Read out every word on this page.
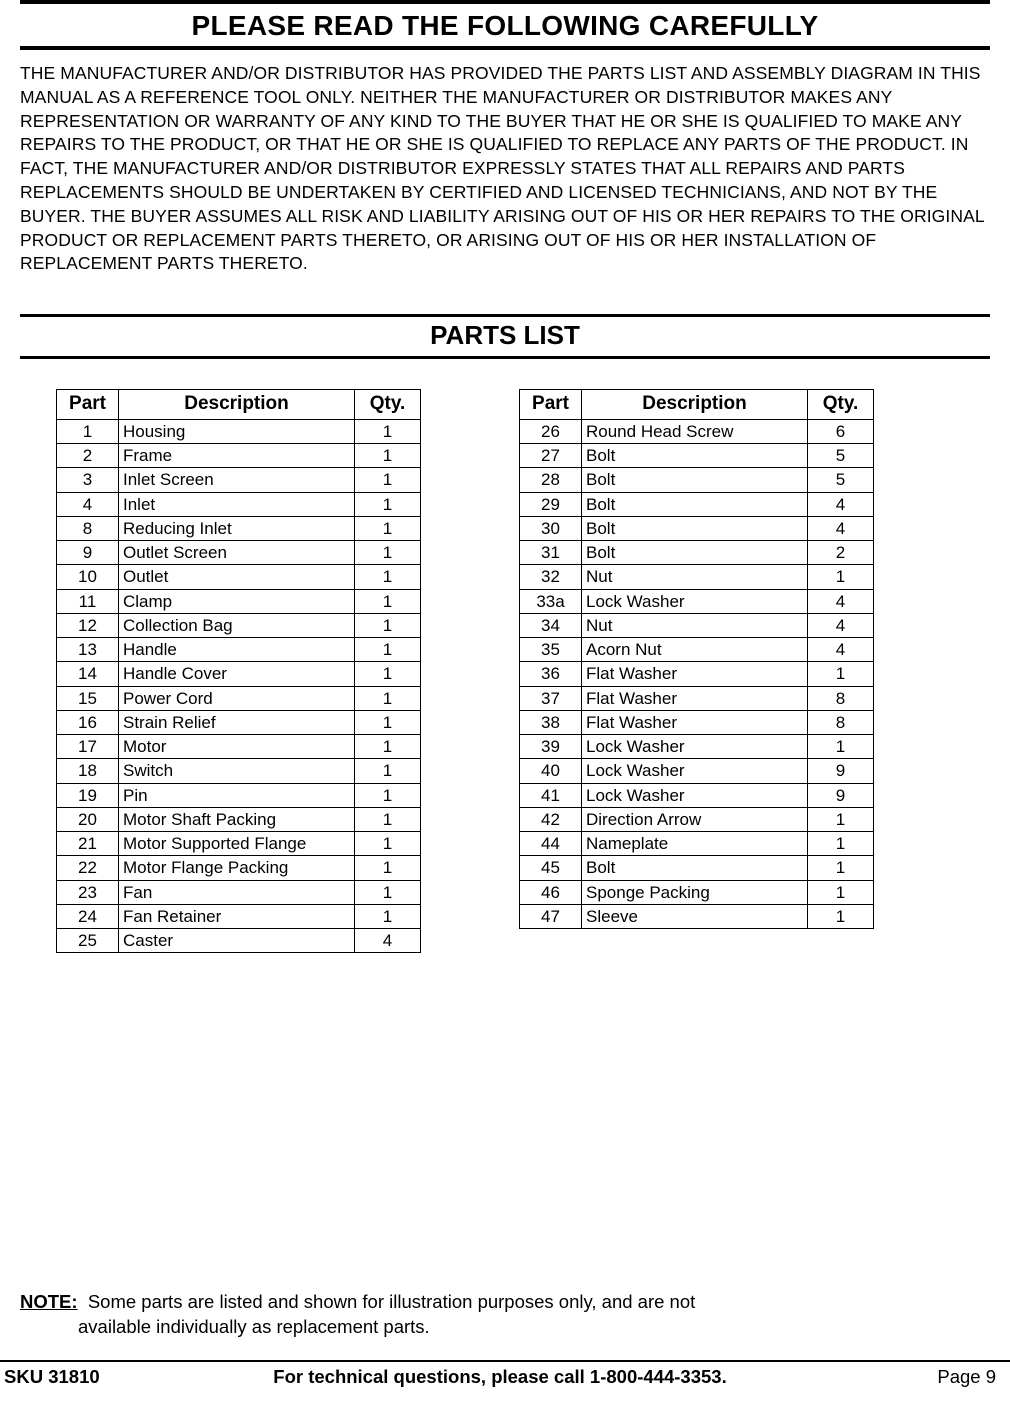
PLEASE READ THE FOLLOWING CAREFULLY

THE MANUFACTURER AND/OR DISTRIBUTOR HAS PROVIDED THE PARTS LIST AND ASSEMBLY DIAGRAM IN THIS MANUAL AS A REFERENCE TOOL ONLY. NEITHER THE MANUFACTURER OR DISTRIBUTOR MAKES ANY REPRESENTATION OR WARRANTY OF ANY KIND TO THE BUYER THAT HE OR SHE IS QUALIFIED TO MAKE ANY REPAIRS TO THE PRODUCT, OR THAT HE OR SHE IS QUALIFIED TO REPLACE ANY PARTS OF THE PRODUCT. IN FACT, THE MANUFACTURER AND/OR DISTRIBUTOR EXPRESSLY STATES THAT ALL REPAIRS AND PARTS REPLACEMENTS SHOULD BE UNDERTAKEN BY CERTIFIED AND LICENSED TECHNICIANS, AND NOT BY THE BUYER. THE BUYER ASSUMES ALL RISK AND LIABILITY ARISING OUT OF HIS OR HER REPAIRS TO THE ORIGINAL PRODUCT OR REPLACEMENT PARTS THERETO, OR ARISING OUT OF HIS OR HER INSTALLATION OF REPLACEMENT PARTS THERETO.

PARTS LIST
Part	Description	Qty.
1	Housing	1
2	Frame	1
3	Inlet Screen	1
4	Inlet	1
8	Reducing Inlet	1
9	Outlet Screen	1
10	Outlet	1
11	Clamp	1
12	Collection Bag	1
13	Handle	1
14	Handle Cover	1
15	Power Cord	1
16	Strain Relief	1
17	Motor	1
18	Switch	1
19	Pin	1
20	Motor Shaft Packing	1
21	Motor Supported Flange	1
22	Motor Flange Packing	1
23	Fan	1
24	Fan Retainer	1
25	Caster	4
Part	Description	Qty.
26	Round Head Screw	6
27	Bolt	5
28	Bolt	5
29	Bolt	4
30	Bolt	4
31	Bolt	2
32	Nut	1
33a	Lock Washer	4
34	Nut	4
35	Acorn Nut	4
36	Flat Washer	1
37	Flat Washer	8
38	Flat Washer	8
39	Lock Washer	1
40	Lock Washer	9
41	Lock Washer	9
42	Direction Arrow	1
44	Nameplate	1
45	Bolt	1
46	Sponge Packing	1
47	Sleeve	1
NOTE: Some parts are listed and shown for illustration purposes only, and are not
available individually as replacement parts.
SKU 31810	For technical questions, please call 1-800-444-3353.	Page 9
